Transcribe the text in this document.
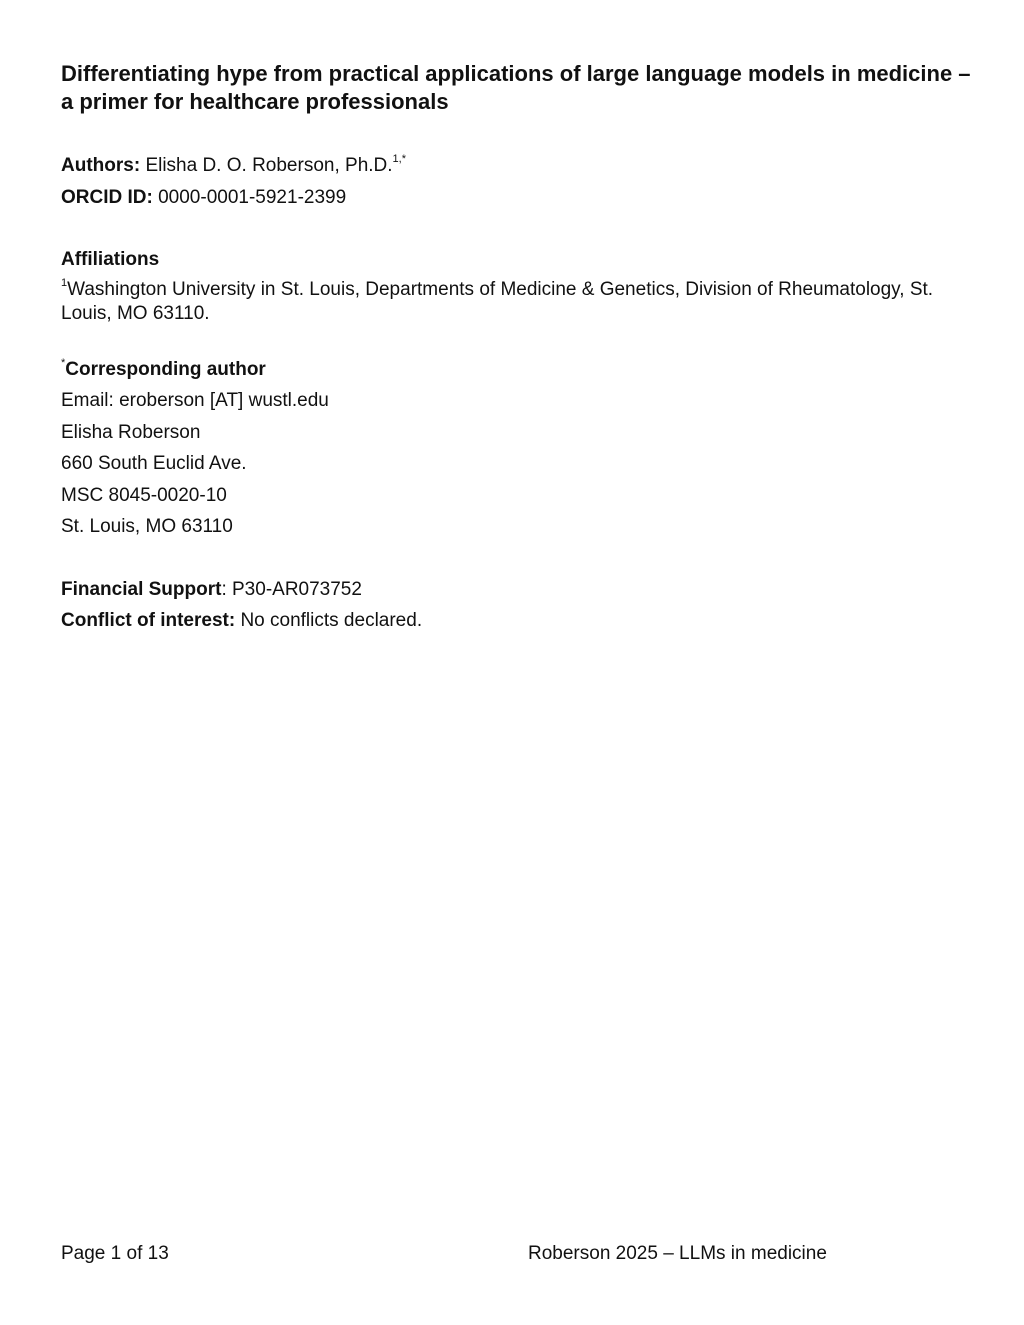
Differentiating hype from practical applications of large language models in medicine – a primer for healthcare professionals
Authors: Elisha D. O. Roberson, Ph.D.$^{1,*}$
ORCID ID: 0000-0001-5921-2399
Affiliations
$^1$Washington University in St. Louis, Departments of Medicine & Genetics, Division of Rheumatology, St. Louis, MO 63110.
*Corresponding author
Email: eroberson [AT] wustl.edu
Elisha Roberson
660 South Euclid Ave.
MSC 8045-0020-10
St. Louis, MO 63110
Financial Support: P30-AR073752
Conflict of interest: No conflicts declared.
Page 1 of 13	Roberson 2025 – LLMs in medicine
